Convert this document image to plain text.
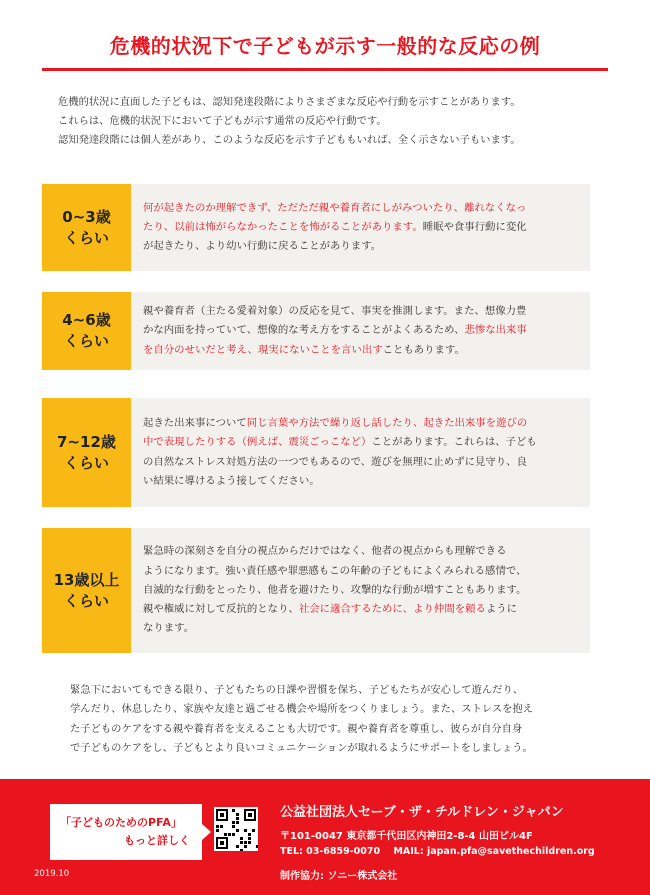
危機的状況下で子どもが示す一般的な反応の例

危機的状況に直面した子どもは、認知発達段階によりさまざまな反応や行動を示すことがあります。

これらは、危機的状況下において子どもが示す通常の反応や行動です。

認知発達段階には個人差があり、このような反応を示す子どももいれば、全く示さない子もいます。

0~3歳
くらい

何が起きたのか理解できず、ただただ親や養育者にしがみついたり、離れなくなっ

たり、以前は怖がらなかったことを怖がることがあります。睡眠や食事行動に変化

が起きたり、より幼い行動に戻ることがあります。

4~6歳
くらい

親や養育者（主たる愛着対象）の反応を見て、事実を推測します。また、想像力豊

かな内面を持っていて、想像的な考え方をすることがよくあるため、悲惨な出来事

を自分のせいだと考え、現実にないことを言い出すこともあります。

7~12歳
くらい

起きた出来事について同じ言葉や方法で繰り返し話したり、起きた出来事を遊びの

中で表現したりする（例えば、震災ごっこなど）ことがあります。これらは、子ども

の自然なストレス対処方法の一つでもあるので、遊びを無理に止めずに見守り、良

い結果に導けるよう接してください。

13歳以上
くらい

緊急時の深刻さを自分の視点からだけではなく、他者の視点からも理解できる

ようになります。強い責任感や罪悪感もこの年齢の子どもによくみられる感情で、

自滅的な行動をとったり、他者を避けたり、攻撃的な行動が増すこともあります。

親や権威に対して反抗的となり、社会に適合するために、より仲間を頼るように

なります。

緊急下においてもできる限り、子どもたちの日課や習慣を保ち、子どもたちが安心して遊んだり、

学んだり、休息したり、家族や友達と過ごせる機会や場所をつくりましょう。また、ストレスを抱え

た子どものケアをする親や養育者を支えることも大切です。親や養育者を尊重し、彼らが自分自身

で子どものケアをし、子どもとより良いコミュニケーションが取れるようにサポートをしましょう。

「子どものためのPFA」
もっと詳しく
公益社団法人セーブ・ザ・チルドレン・ジャパン
〒101-0047 東京都千代田区内神田2-8-4 山田ビル4F
TEL: 03-6859-0070 MAIL: japan.pfa@savethechildren.org
制作協力: ソニー株式会社
2019.10
